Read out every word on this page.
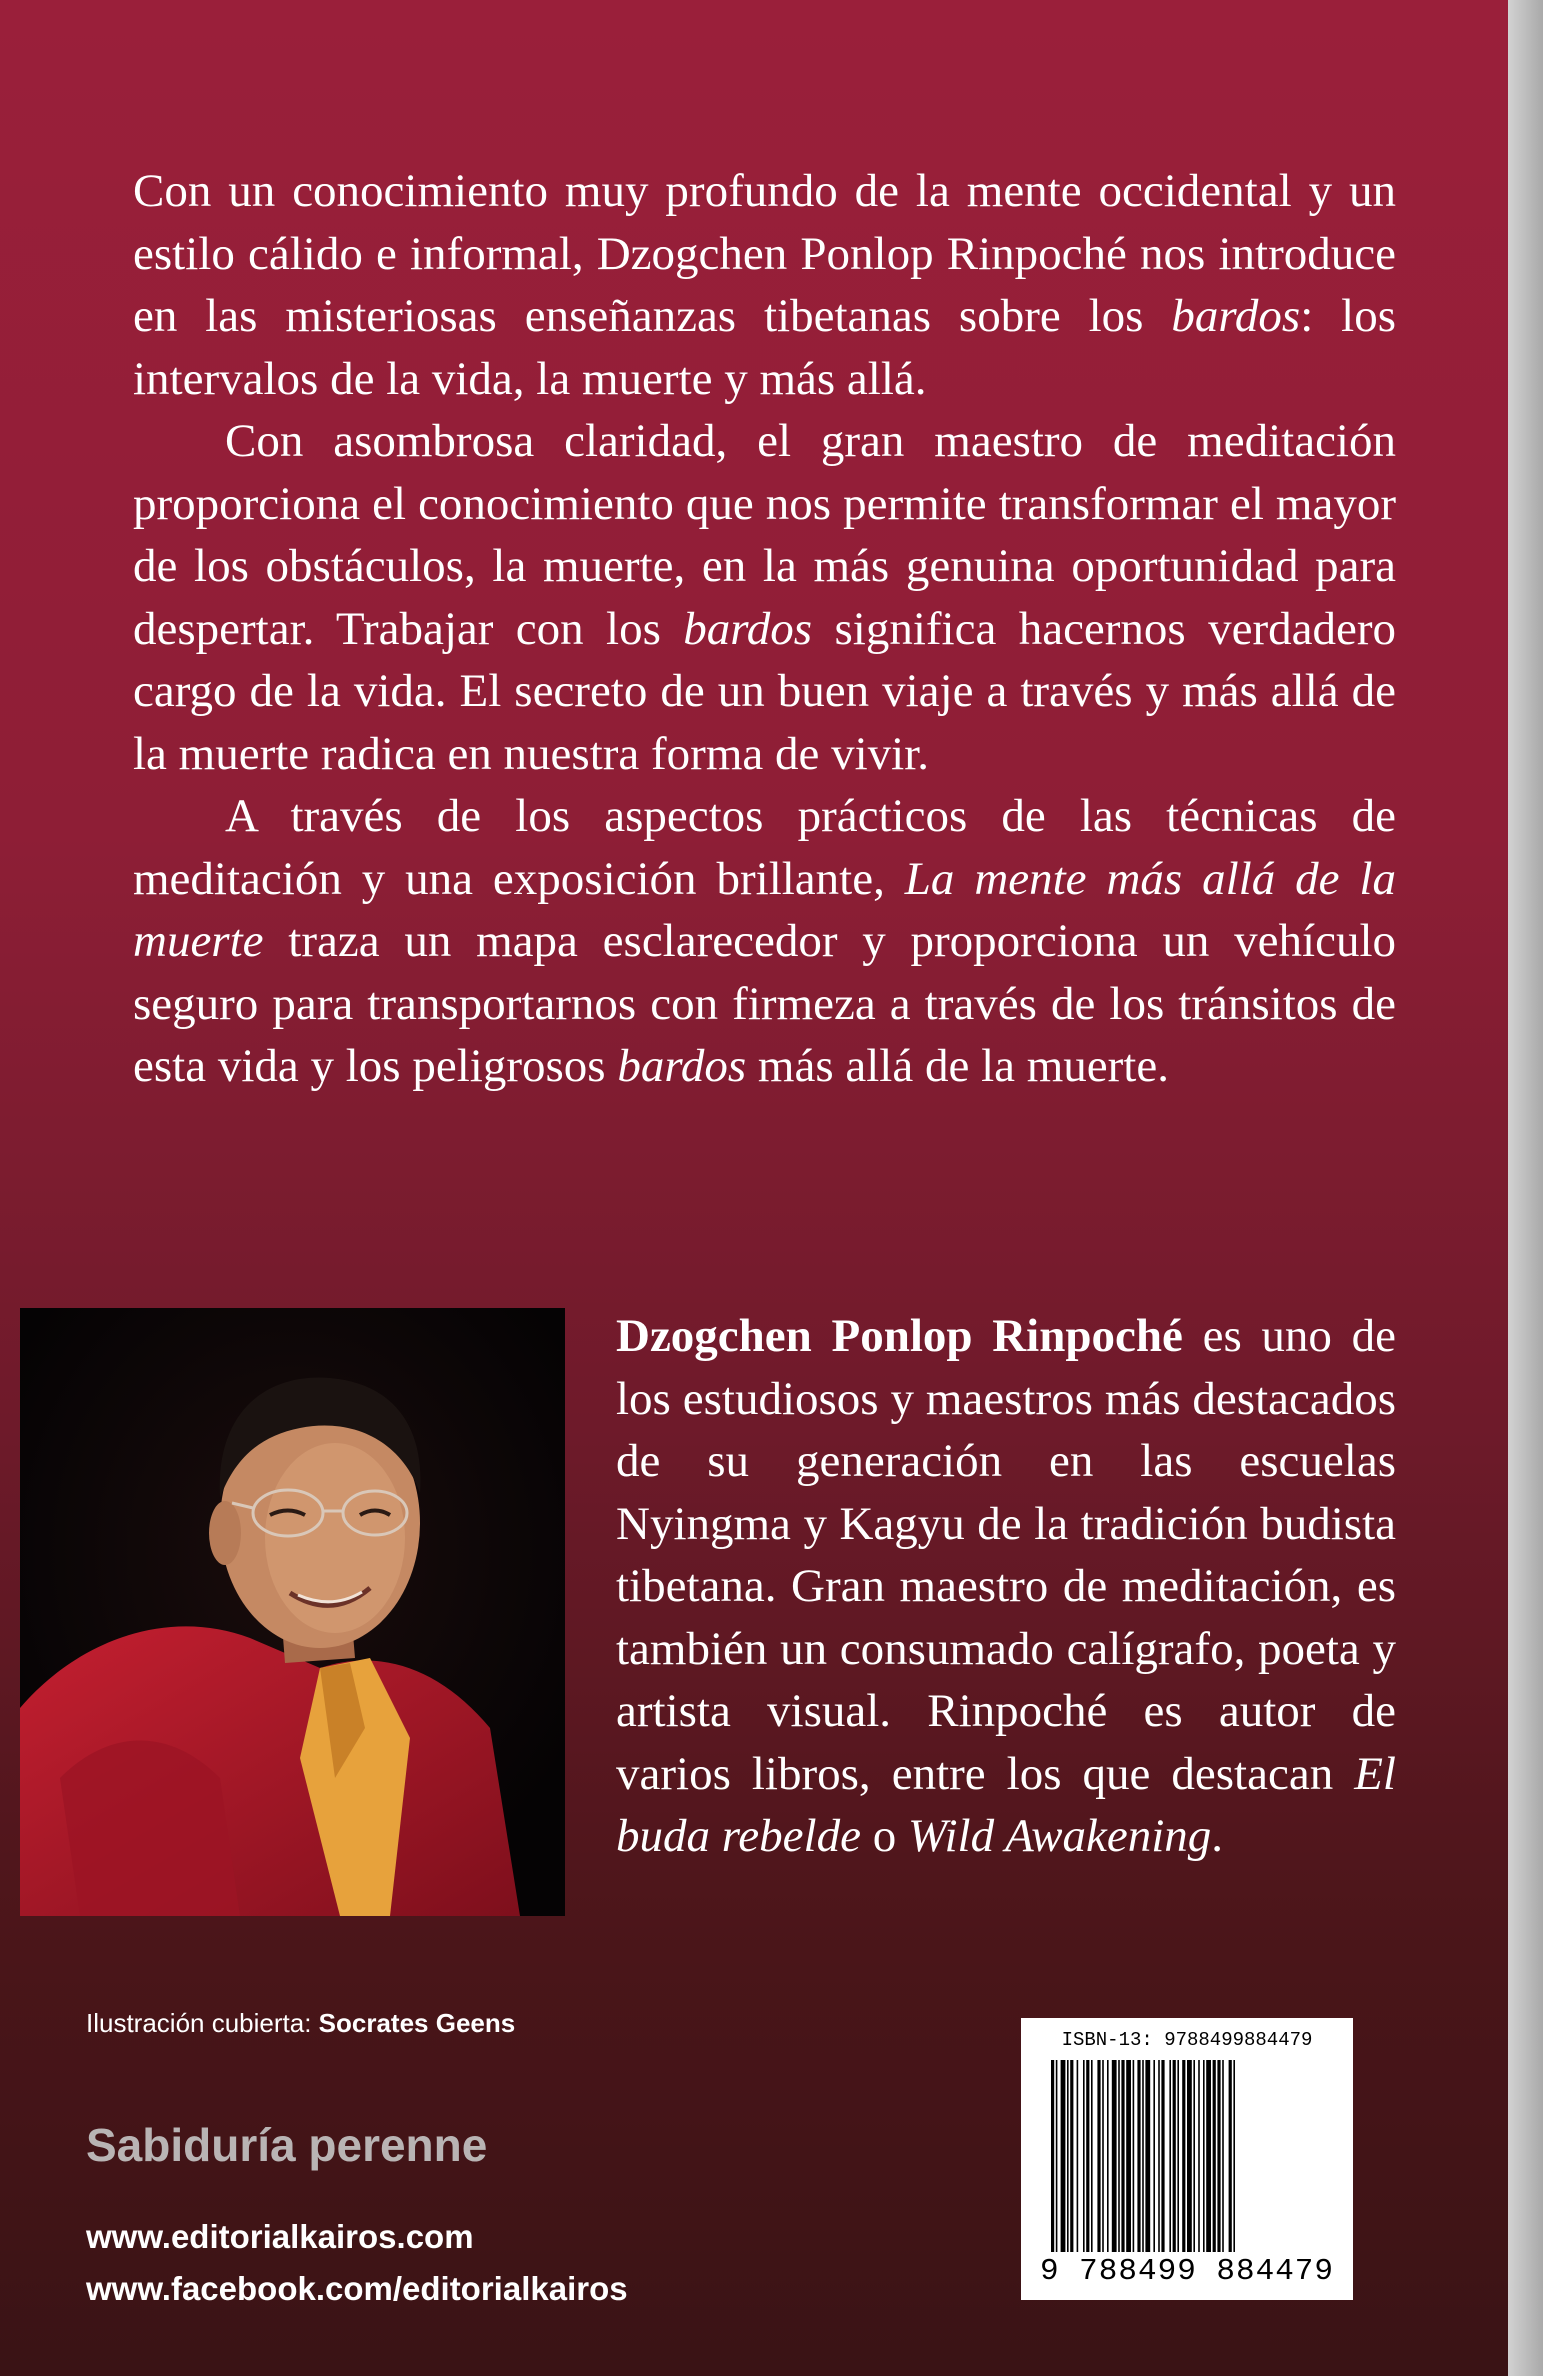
Con un conocimiento muy profundo de la mente occidental y un estilo cálido e informal, Dzogchen Ponlop Rinpoché nos introduce en las misteriosas enseñanzas tibetanas sobre los bardos: los intervalos de la vida, la muerte y más allá.

Con asombrosa claridad, el gran maestro de meditación proporciona el conocimiento que nos permite transformar el mayor de los obstáculos, la muerte, en la más genuina oportunidad para despertar. Trabajar con los bardos significa hacernos verdadero cargo de la vida. El secreto de un buen viaje a través y más allá de la muerte radica en nuestra forma de vivir.

A través de los aspectos prácticos de las técnicas de meditación y una exposición brillante, La mente más allá de la muerte traza un mapa esclarecedor y proporciona un vehículo seguro para transportarnos con firmeza a través de los tránsitos de esta vida y los peligrosos bardos más allá de la muerte.

Dzogchen Ponlop Rinpoché es uno de los estudiosos y maestros más destacados de su generación en las escuelas Nyingma y Kagyu de la tradición budista tibetana. Gran maestro de meditación, es también un consumado calígrafo, poeta y artista visual. Rinpoché es autor de varios libros, entre los que destacan El buda rebelde o Wild Awakening.

Ilustración cubierta: Socrates Geens
Sabiduría perenne
www.editorialkairos.com
www.facebook.com/editorialkairos
ISBN-13: 9788499884479
9 788499 884479
